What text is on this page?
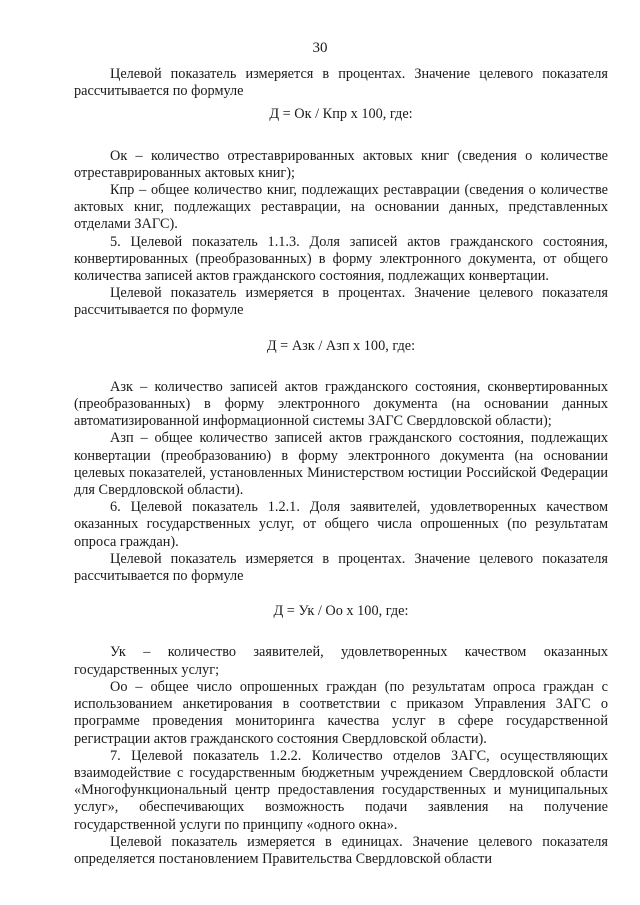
30

Целевой показатель измеряется в процентах. Значение целевого показателя рассчитывается по формуле

Д = Ок / Кпр х 100, где:

Ок – количество отреставрированных актовых книг (сведения о количестве отреставрированных актовых книг);

Кпр – общее количество книг, подлежащих реставрации (сведения о количестве актовых книг, подлежащих реставрации, на основании данных, представленных отделами ЗАГС).

5. Целевой показатель 1.1.3. Доля записей актов гражданского состояния, конвертированных (преобразованных) в форму электронного документа, от общего количества записей актов гражданского состояния, подлежащих конвертации.

Целевой показатель измеряется в процентах. Значение целевого показателя рассчитывается по формуле

Д = Азк / Азп х 100, где:

Азк – количество записей актов гражданского состояния, сконвертированных (преобразованных) в форму электронного документа (на основании данных автоматизированной информационной системы ЗАГС Свердловской области);

Азп – общее количество записей актов гражданского состояния, подлежащих конвертации (преобразованию) в форму электронного документа (на основании целевых показателей, установленных Министерством юстиции Российской Федерации для Свердловской области).

6. Целевой показатель 1.2.1. Доля заявителей, удовлетворенных качеством оказанных государственных услуг, от общего числа опрошенных (по результатам опроса граждан).

Целевой показатель измеряется в процентах. Значение целевого показателя рассчитывается по формуле

Д = Ук / Оо х 100, где:

Ук – количество заявителей, удовлетворенных качеством оказанных государственных услуг;

Оо – общее число опрошенных граждан (по результатам опроса граждан с использованием анкетирования в соответствии с приказом Управления ЗАГС о программе проведения мониторинга качества услуг в сфере государственной регистрации актов гражданского состояния Свердловской области).

7. Целевой показатель 1.2.2. Количество отделов ЗАГС, осуществляющих взаимодействие с государственным бюджетным учреждением Свердловской области «Многофункциональный центр предоставления государственных и муниципальных услуг», обеспечивающих возможность подачи заявления на получение государственной услуги по принципу «одного окна».

Целевой показатель измеряется в единицах. Значение целевого показателя определяется постановлением Правительства Свердловской области
